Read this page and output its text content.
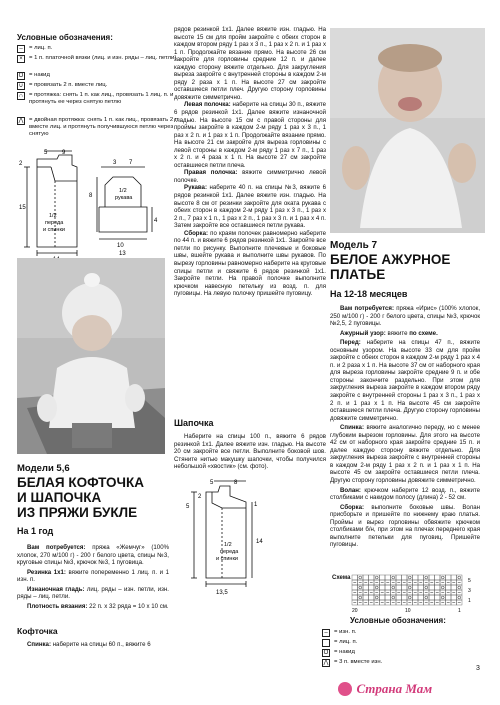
Условные обозначения:
–	= лиц. п.
×	= 1 п. платочной вязки (лиц. и изн. ряды – лиц. петли)
О = накид
∪ = провязать 2 п. вместе лиц.
∩ = протяжка: снять 1 п. как лиц., провязать 1 лиц. п. и протянуть ее через снятую петлю
⋀ = двойная протяжка: снять 1 п. как лиц., провязать 2 п. вместе лиц. и протянуть получившуюся петлю через снятую
5 9
2
15
1/2
переда
и спинки
3 7
1/2
рукава
8
4
10
13
Модели 5,6
БЕЛАЯ КОФТОЧКА
И ШАПОЧКА
ИЗ ПРЯЖИ БУКЛЕ
На 1 год

Вам потребуется: пряжа «Жемчуг» (100% хлопок, 270 м/100 г) - 200 г белого цвета, спицы №3, круговые спицы №3, крючок №3, 1 пуговица.

Резинка 1х1: вяжите попеременно 1 лиц. п. и 1 изн. п.

Изнаночная гладь: лиц. ряды – изн. петли, изн. ряды – лиц. петли.

Плотность вязания: 22 п. х 32 ряда = 10 х 10 см.

Кофточка

Спинка: наберите на спицы 60 п., вяжите 6

рядов резинкой 1х1. Далее вяжите изн. гладью. На высоте 15 см для пройм закройте с обеих сторон в каждом втором ряду 1 раз х 3 п., 1 раз х 2 п. и 1 раз х 1 п. Продолжайте вязание прямо. На высоте 26 см закройте для горловины средние 12 п. и далее каждую сторону вяжите отдельно. Для закругления выреза закройте с внутренней стороны в каждом 2-м ряду 2 раза х 1 п. На высоте 27 см закройте оставшиеся петли плеч. Другую сторону горловины довяжите симметрично.

Левая полочка: наберите на спицы 30 п., вяжите 6 рядов резинкой 1х1. Далее вяжите изнаночной гладью. На высоте 15 см с правой стороны для проймы закройте в каждом 2-м ряду 1 раз х 3 п., 1 раз х 2 п. и 1 раз х 1 п. Продолжайте вязание прямо. На высоте 21 см закройте для выреза горловины с левой стороны в каждом 2-м ряду 1 раз х 7 п., 1 раз х 2 п. и 4 раза х 1 п. На высоте 27 см закройте оставшиеся петли плеча.

Правая полочка: вяжите симметрично левой полочке.

Рукава: наберите 40 п. на спицы №3, вяжите 6 рядов резинкой 1х1. Далее вяжите изн. гладью. На высоте 8 см от резинки закройте для оката рукава с обеих сторон в каждом 2-м ряду 1 раз х 3 п., 1 раз х 2 п., 7 раз х 1 п., 1 раз х 2 п., 1 раз х 3 п. и 1 раз х 4 п. Затем закройте все оставшиеся петли рукава.

Сборка: по краям полочек равномерно наберите по 44 п. и вяжите 6 рядов резинкой 1х1. Закройте все петли по рисунку. Выполните плечевые и боковые швы, вшейте рукава и выполните швы рукавов. По вырезу горловины равномерно наберите на круговые спицы петли и свяжите 6 рядов резинкой 1х1. Закройте петли. На правой полочке выполните крючком навесную петельку из возд. п. для пуговицы. На левую полочку пришейте пуговицу.

Шапочка

Наберите на спицы 100 п., вяжите 6 рядов резинкой 1х1. Далее вяжите изн. гладью. На высоте 20 см закройте все петли. Выполните боковой шов. Стяните нитью макушку шапочки, чтобы получился небольшой «хвостик» (см. фото).

5	8
2
5	1
14
1/2
переда
и спинки
13,5
Модель 7
БЕЛОЕ АЖУРНОЕ
ПЛАТЬЕ
На 12-18 месяцев

Вам потребуется: пряжа «Ирис» (100% хлопок, 250 м/100 г) - 200 г белого цвета, спицы №3, крючок №2,5, 2 пуговицы.

Ажурный узор: вяжите по схеме.

Перед: наберите на спицы 47 п., вяжите основным узором. На высоте 33 см для пройм закройте с обеих сторон в каждом 2-м ряду 1 раз х 4 п. и 2 раза х 1 п. На высоте 37 см от наборного края для выреза горловины закройте средние 9 п. и обе стороны закончите раздельно. При этом для закругления выреза закройте в каждом втором ряду закройте с внутренней стороны 1 раз х 3 п., 1 раз х 2 п. и 1 раз х 1 п. На высоте 45 см закройте оставшиеся петли плеча. Другую сторону горловины довяжите симметрично.

Спинка: вяжите аналогично переду, но с менее глубоким вырезом горловины. Для этого на высоте 42 см от наборного края закройте средние 15 п. и далее каждую сторону вяжите отдельно. Для закругления выреза закройте с внутренней стороны в каждом 2-м ряду 1 раз х 2 п. и 1 раз х 1 п. На высоте 45 см закройте оставшиеся петли плеча. Другую сторону горловины довяжите симметрично.

Волан: крючком наберите 12 возд. п., вяжите столбиками с накидом полосу (длина) 2 - 52 см.

Сборка: выполните боковые швы. Волан присборьте и пришейте по нижнему краю платья. Проймы и вырез горловины обвяжите крючком столбиками б/н, при этом на плечах переднего края выполните петельки для пуговиц. Пришейте пуговицы.

Схема	5
3
1
20	10	1
Условные обозначения:
–	= изн. п.
= лиц. п.
О = накид
⋀ = 3 п. вместе изн.
3
Страна Мам
